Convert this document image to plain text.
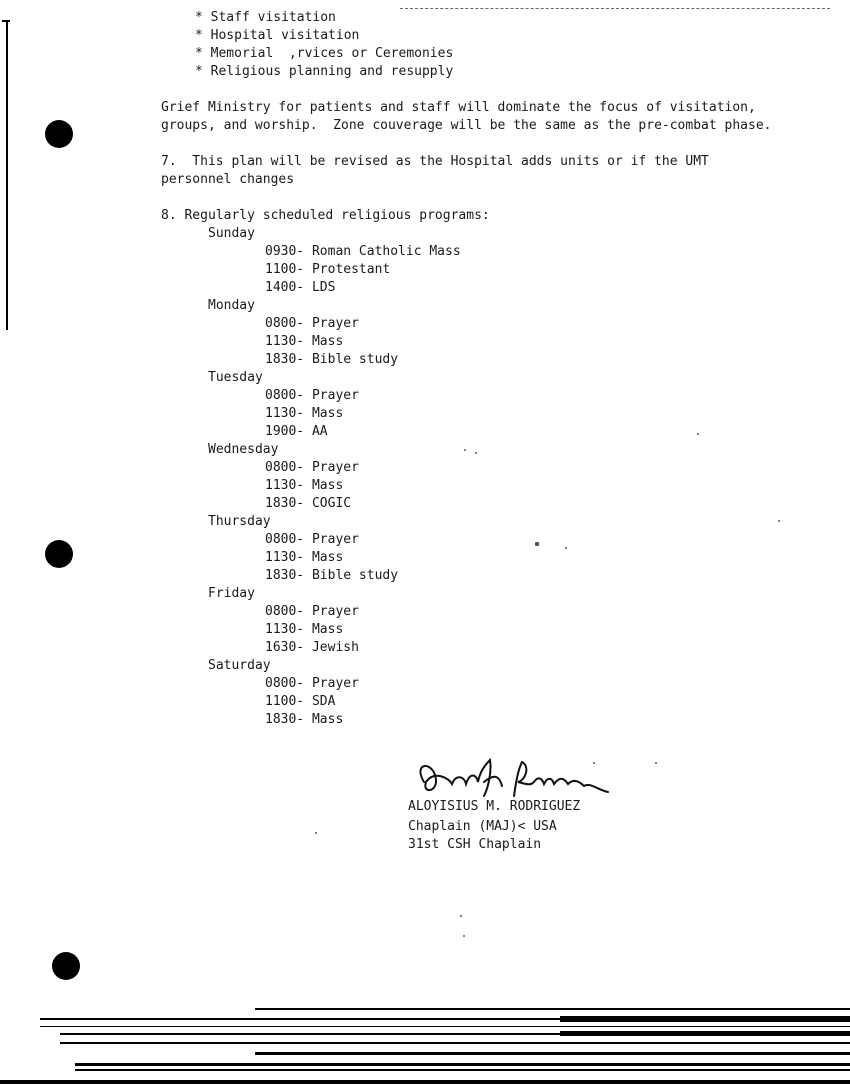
* Staff visitation
* Hospital visitation
* Memorial  ,rvices or Ceremonies
* Religious planning and resupply
Grief Ministry for patients and staff will dominate the focus of visitation,
groups, and worship.  Zone couverage will be the same as the pre-combat phase.
7.  This plan will be revised as the Hospital adds units or if the UMT
personnel changes
8. Regularly scheduled religious programs:
Sunday
0930- Roman Catholic Mass
1100- Protestant
1400- LDS
Monday
0800- Prayer
1130- Mass
1830- Bible study
Tuesday
0800- Prayer
1130- Mass
1900- AA
Wednesday
0800- Prayer
1130- Mass
1830- COGIC
Thursday
0800- Prayer
1130- Mass
1830- Bible study
Friday
0800- Prayer
1130- Mass
1630- Jewish
Saturday
0800- Prayer
1100- SDA
1830- Mass
ALOYISIUS M. RODRIGUEZ
Chaplain (MAJ)< USA
31st CSH Chaplain
